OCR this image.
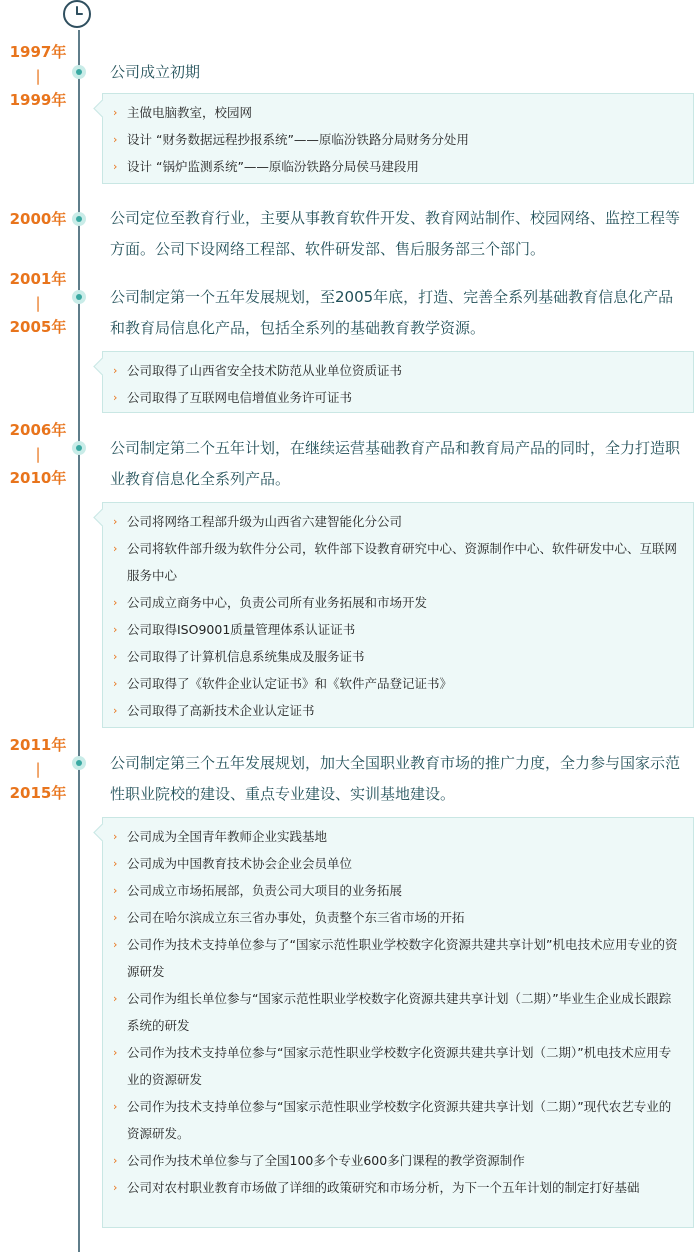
1997年
|
1999年
公司成立初期
› 主做电脑教室，校园网
› 设计 “财务数据远程抄报系统”——原临汾铁路分局财务分处用
› 设计 “锅炉监测系统”——原临汾铁路分局侯马建段用
2000年	公司定位至教育行业，主要从事教育软件开发、教育网站制作、校园网络、监控工程等方面。公司下设网络工程部、软件研发部、售后服务部三个部门。
2001年
|
2005年
公司制定第一个五年发展规划，至2005年底，打造、完善全系列基础教育信息化产品和教育局信息化产品，包括全系列的基础教育教学资源。
› 公司取得了山西省安全技术防范从业单位资质证书
› 公司取得了互联网电信增值业务许可证书
2006年
|
2010年
公司制定第二个五年计划，在继续运营基础教育产品和教育局产品的同时，全力打造职业教育信息化全系列产品。
› 公司将网络工程部升级为山西省六建智能化分公司
› 公司将软件部升级为软件分公司，软件部下设教育研究中心、资源制作中心、软件研发中心、互联网服务中心
› 公司成立商务中心，负责公司所有业务拓展和市场开发
› 公司取得ISO9001质量管理体系认证证书
› 公司取得了计算机信息系统集成及服务证书
› 公司取得了《软件企业认定证书》和《软件产品登记证书》
› 公司取得了高新技术企业认定证书
2011年
|
2015年
公司制定第三个五年发展规划，加大全国职业教育市场的推广力度，全力参与国家示范性职业院校的建设、重点专业建设、实训基地建设。
› 公司成为全国青年教师企业实践基地
› 公司成为中国教育技术协会企业会员单位
› 公司成立市场拓展部，负责公司大项目的业务拓展
› 公司在哈尔滨成立东三省办事处，负责整个东三省市场的开拓
› 公司作为技术支持单位参与了“国家示范性职业学校数字化资源共建共享计划”机电技术应用专业的资源研发
› 公司作为组长单位参与“国家示范性职业学校数字化资源共建共享计划（二期）”毕业生企业成长跟踪系统的研发
› 公司作为技术支持单位参与“国家示范性职业学校数字化资源共建共享计划（二期）”机电技术应用专业的资源研发
› 公司作为技术支持单位参与“国家示范性职业学校数字化资源共建共享计划（二期）”现代农艺专业的资源研发。
› 公司作为技术单位参与了全国100多个专业600多门课程的教学资源制作
› 公司对农村职业教育市场做了详细的政策研究和市场分析，为下一个五年计划的制定打好基础
